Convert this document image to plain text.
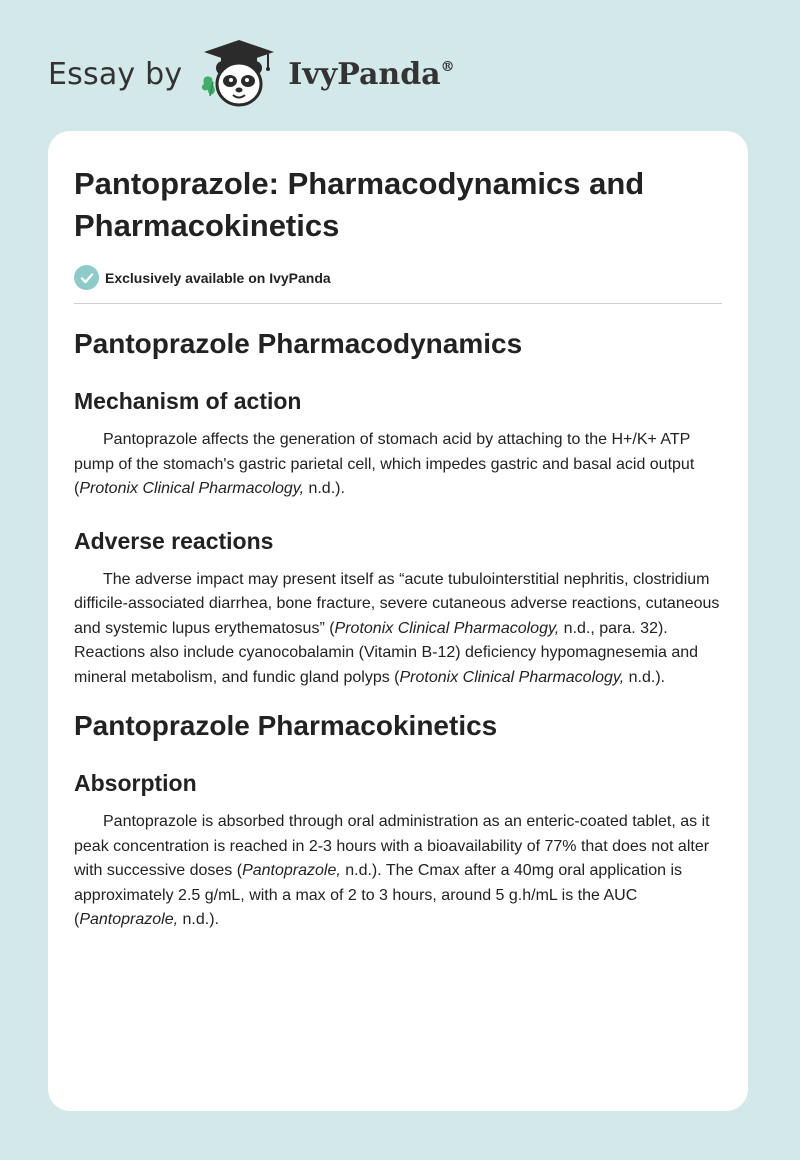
Essay by	IvyPanda®
Pantoprazole: Pharmacodynamics and Pharmacokinetics
Exclusively available on IvyPanda
Pantoprazole Pharmacodynamics
Mechanism of action

Pantoprazole affects the generation of stomach acid by attaching to the H+/K+ ATP pump of the stomach's gastric parietal cell, which impedes gastric and basal acid output (Protonix Clinical Pharmacology, n.d.).

Adverse reactions

The adverse impact may present itself as “acute tubulointerstitial nephritis, clostridium difficile-associated diarrhea, bone fracture, severe cutaneous adverse reactions, cutaneous and systemic lupus erythematosus” (Protonix Clinical Pharmacology, n.d., para. 32). Reactions also include cyanocobalamin (Vitamin B-12) deficiency hypomagnesemia and mineral metabolism, and fundic gland polyps (Protonix Clinical Pharmacology, n.d.).

Pantoprazole Pharmacokinetics
Absorption

Pantoprazole is absorbed through oral administration as an enteric-coated tablet, as it peak concentration is reached in 2-3 hours with a bioavailability of 77% that does not alter with successive doses (Pantoprazole, n.d.). The Cmax after a 40mg oral application is approximately 2.5 g/mL, with a max of 2 to 3 hours, around 5 g.h/mL is the AUC (Pantoprazole, n.d.).
